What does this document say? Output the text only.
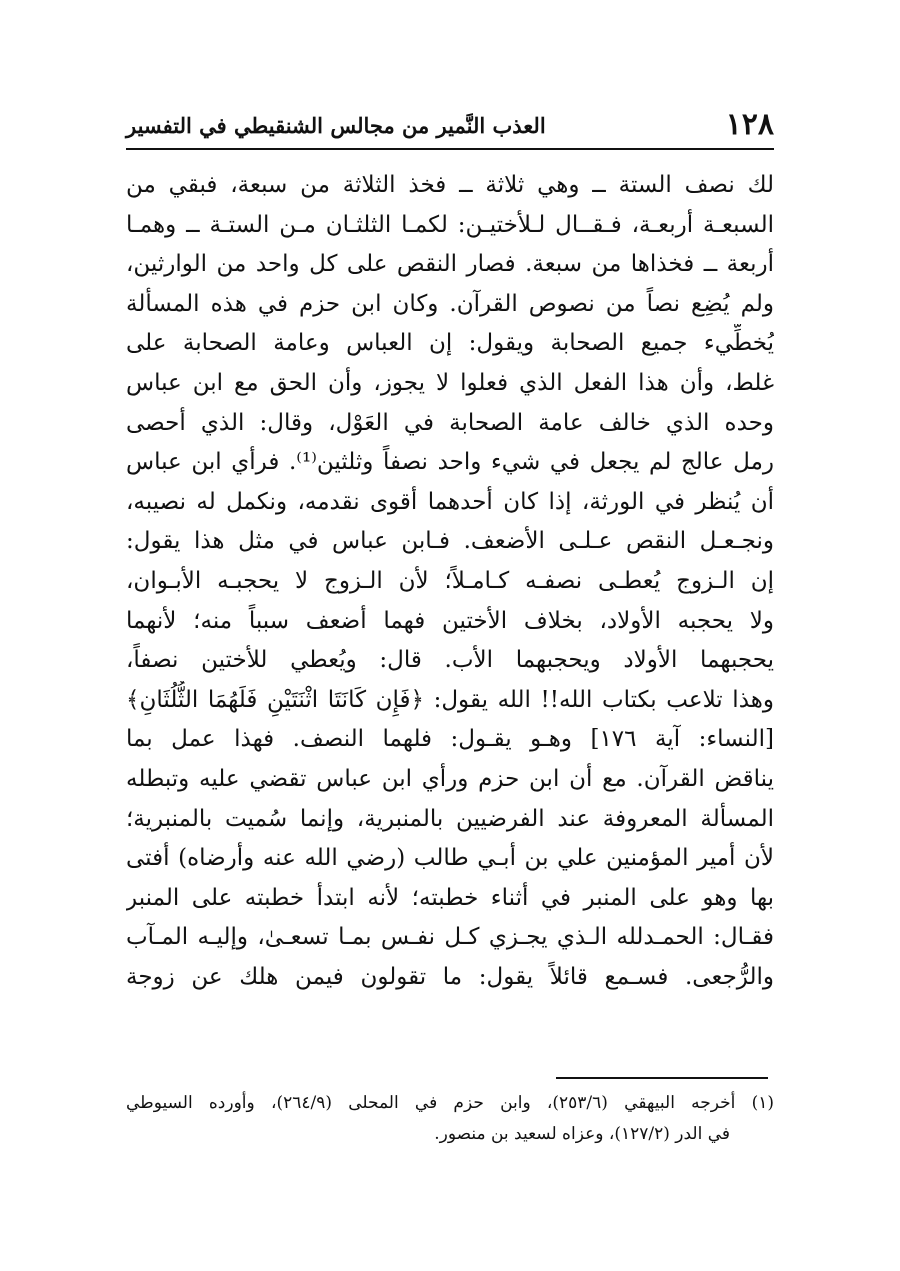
١٢٨
العذب النَّمير من مجالس الشنقيطي في التفسير
لك نصف الستة ــ وهي ثلاثة ــ فخذ الثلاثة من سبعة، فبقي من
السبعـة أربعـة، فـقــال لـلأختيـن: لكمـا الثلثـان مـن الستـة ــ وهمـا
أربعة ــ فخذاها من سبعة. فصار النقص على كل واحد من الوارثين،
ولم يُضِع نصاً من نصوص القرآن. وكان ابن حزم في هذه المسألة
يُخطِّيء جميع الصحابة ويقول: إن العباس وعامة الصحابة على
غلط، وأن هذا الفعل الذي فعلوا لا يجوز، وأن الحق مع ابن عباس
وحده الذي خالف عامة الصحابة في العَوْل، وقال: الذي أحصى
رمل عالج لم يجعل في شيء واحد نصفاً وثلثين⁽¹⁾. فرأي ابن عباس
أن يُنظر في الورثة، إذا كان أحدهما أقوى نقدمه، ونكمل له نصيبه،
ونجـعـل النقص عـلـى الأضعف. فـابن عباس في مثل هذا يقول:
إن الـزوج يُعطـى نصفـه كـامـلاً؛ لأن الـزوج لا يحجبـه الأبـوان،
ولا يحجبه الأولاد، بخلاف الأختين فهما أضعف سبباً منه؛ لأنهما
يحجبهما الأولاد ويحجبهما الأب. قال: ويُعطي للأختين نصفاً،
وهذا تلاعب بكتاب الله!! الله يقول: ﴿فَإِن كَانَتَا اثْنَتَيْنِ فَلَهُمَا الثُّلُثَانِ﴾
[النساء: آية ١٧٦] وهـو يقـول: فلهما النصف. فهذا عمل بما
يناقض القرآن. مع أن ابن حزم ورأي ابن عباس تقضي عليه وتبطله
المسألة المعروفة عند الفرضيين بالمنبرية، وإنما سُميت بالمنبرية؛
لأن أمير المؤمنين علي بن أبـي طالب (رضي الله عنه وأرضاه) أفتى
بها وهو على المنبر في أثناء خطبته؛ لأنه ابتدأ خطبته على المنبر
فقـال: الحمـدلله الـذي يجـزي كـل نفـس بمـا تسعـىٰ، وإليـه المـآب
والرُّجعى. فسـمع قائلاً يقول: ما تقولون فيمن هلك عن زوجة
(١) أخرجه البيهقي (٢٥٣/٦)، وابن حزم في المحلى (٢٦٤/٩)، وأورده السيوطي
في الدر (١٢٧/٢)، وعزاه لسعيد بن منصور.
